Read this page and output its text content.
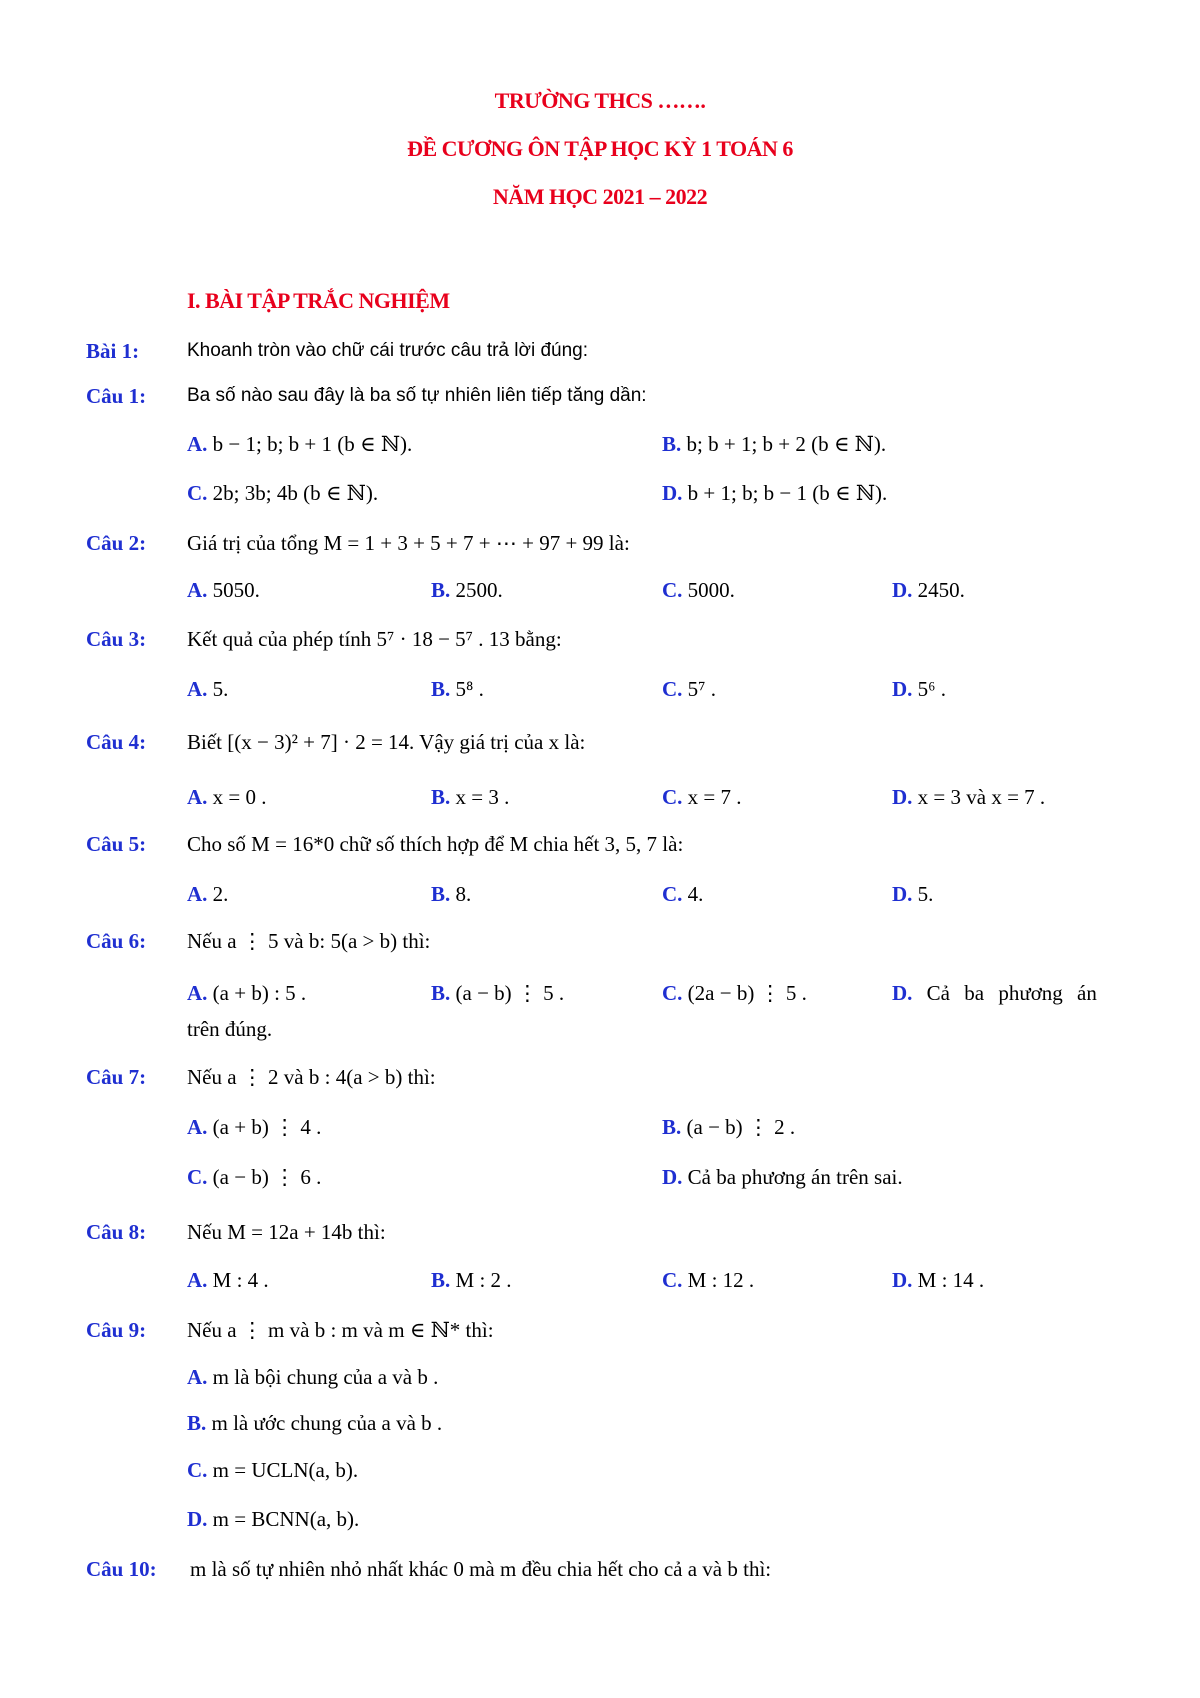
TRƯỜNG THCS …….
ĐỀ CƯƠNG ÔN TẬP HỌC KỲ 1 TOÁN 6
NĂM HỌC 2021 – 2022
I. BÀI TẬP TRẮC NGHIỆM
Bài 1:	Khoanh tròn vào chữ cái trước câu trả lời đúng:
Câu 1: Ba số nào sau đây là ba số tự nhiên liên tiếp tăng dần:
A. b − 1; b; b + 1 (b ∈ ℕ).	B. b; b + 1; b + 2 (b ∈ ℕ).
C. 2b; 3b; 4b (b ∈ ℕ).	D. b + 1; b; b − 1 (b ∈ ℕ).
Câu 2: Giá trị của tổng M = 1 + 3 + 5 + 7 + ⋯ + 97 + 99 là:
A. 5050.	B. 2500.	C. 5000.	D. 2450.
Câu 3: Kết quả của phép tính 5⁷ · 18 − 5⁷ . 13 bằng:
A. 5.	B. 5⁸ .	C. 5⁷ .	D. 5⁶ .
Câu 4: Biết [(x − 3)² + 7] · 2 = 14. Vậy giá trị của x là:
A. x = 0 .	B. x = 3 .	C. x = 7 .	D. x = 3 và x = 7 .
Câu 5: Cho số M = 16*0 chữ số thích hợp để M chia hết 3, 5, 7 là:
A. 2.	B. 8.	C. 4.	D. 5.
Câu 6: Nếu a ⋮ 5 và b: 5(a > b) thì:
A. (a + b) : 5 .	B. (a − b) ⋮ 5 .	C. (2a − b) ⋮ 5 .	D. Cả ba phương án
trên đúng.
Câu 7: Nếu a ⋮ 2 và b : 4(a > b) thì:
A. (a + b) ⋮ 4 .	B. (a − b) ⋮ 2 .
C. (a − b) ⋮ 6 .	D. Cả ba phương án trên sai.
Câu 8: Nếu M = 12a + 14b thì:
A. M : 4 .	B. M : 2 .	C. M : 12 .	D. M : 14 .
Câu 9: Nếu a ⋮ m và b : m và m ∈ ℕ* thì:
A. m là bội chung của a và b .
B. m là ước chung của a và b .
C. m = UCLN(a, b).
D. m = BCNN(a, b).
Câu 10: m là số tự nhiên nhỏ nhất khác 0 mà m đều chia hết cho cả a và b thì:
